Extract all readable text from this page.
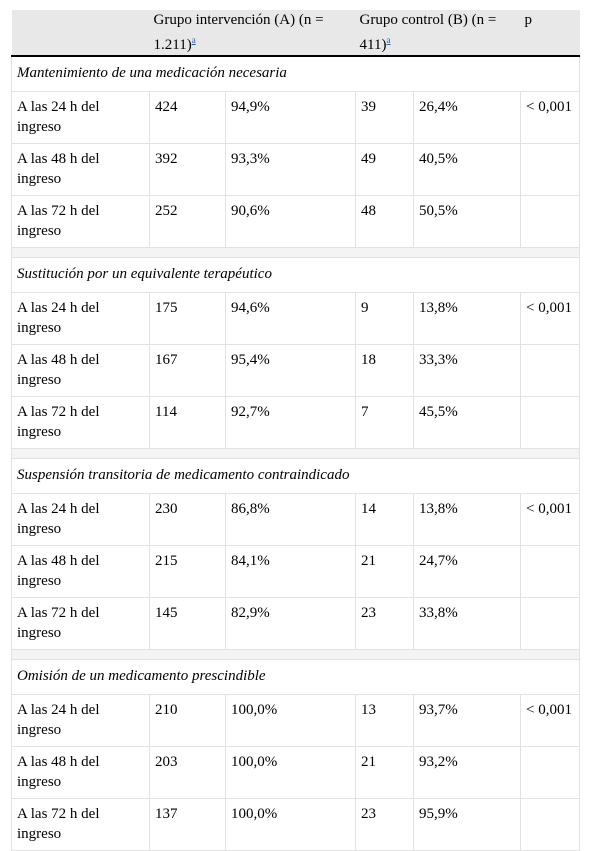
	Grupo intervención (A) (n = 1.211)$^a$		Grupo control (B) (n = 411)$^a$		p
Mantenimiento de una medicación necesaria					
A las 24 h del ingreso	424	94,9%	39	26,4%	< 0,001
A las 48 h del ingreso	392	93,3%	49	40,5%	
A las 72 h del ingreso	252	90,6%	48	50,5%	

Sustitución por un equivalente terapéutico					
A las 24 h del ingreso	175	94,6%	9	13,8%	< 0,001
A las 48 h del ingreso	167	95,4%	18	33,3%	
A las 72 h del ingreso	114	92,7%	7	45,5%	

Suspensión transitoria de medicamento contraindicado					
A las 24 h del ingreso	230	86,8%	14	13,8%	< 0,001
A las 48 h del ingreso	215	84,1%	21	24,7%	
A las 72 h del ingreso	145	82,9%	23	33,8%	

Omisión de un medicamento prescindible					
A las 24 h del ingreso	210	100,0%	13	93,7%	< 0,001
A las 48 h del ingreso	203	100,0%	21	93,2%	
A las 72 h del ingreso	137	100,0%	23	95,9%	
